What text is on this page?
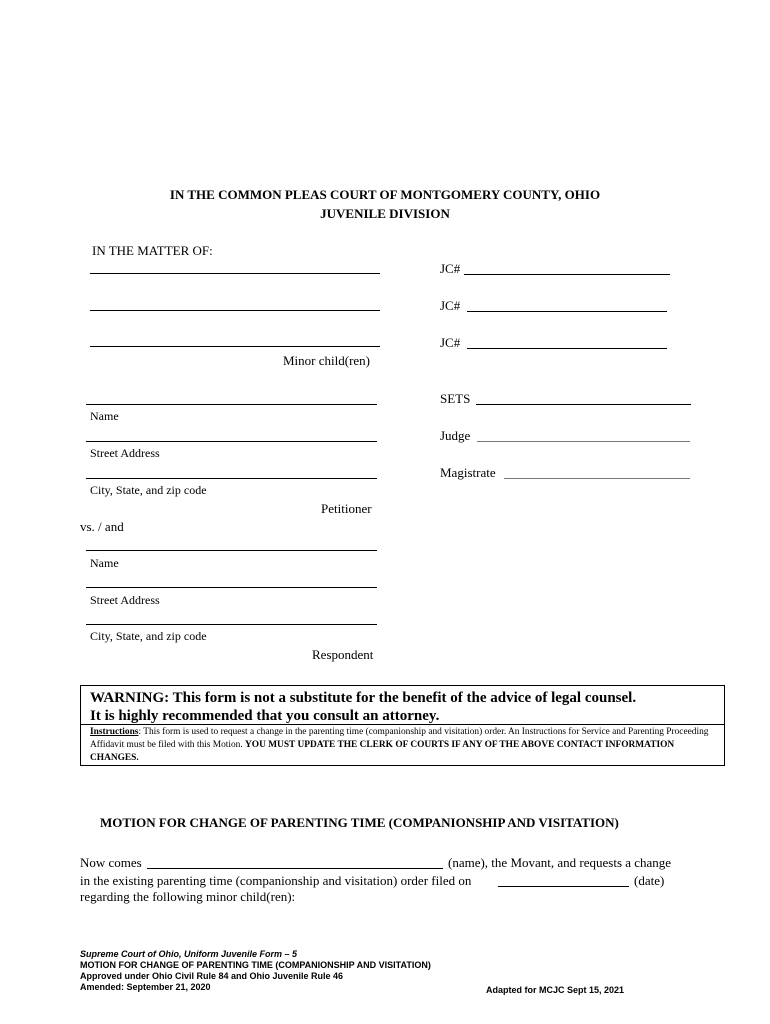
IN THE COMMON PLEAS COURT OF MONTGOMERY COUNTY, OHIO
JUVENILE DIVISION
IN THE MATTER OF:
Minor child(ren)
JC#
JC#
JC#
SETS
Judge
Magistrate
Name
Street Address
City, State, and zip code
Petitioner
vs. / and
Name
Street Address
City, State, and zip code
Respondent
WARNING: This form is not a substitute for the benefit of the advice of legal counsel.
It is highly recommended that you consult an attorney.
Instructions: This form is used to request a change in the parenting time (companionship and visitation) order. An Instructions for Service and Parenting Proceeding Affidavit must be filed with this Motion. YOU MUST UPDATE THE CLERK OF COURTS IF ANY OF THE ABOVE CONTACT INFORMATION CHANGES.
MOTION FOR CHANGE OF PARENTING TIME (COMPANIONSHIP AND VISITATION)
Now comes	(name), the Movant, and requests a change
in the existing parenting time (companionship and visitation) order filed on	(date)
regarding the following minor child(ren):
Supreme Court of Ohio, Uniform Juvenile Form – 5
MOTION FOR CHANGE OF PARENTING TIME (COMPANIONSHIP AND VISITATION)
Approved under Ohio Civil Rule 84 and Ohio Juvenile Rule 46
Amended: September 21, 2020	Adapted for MCJC Sept 15, 2021
